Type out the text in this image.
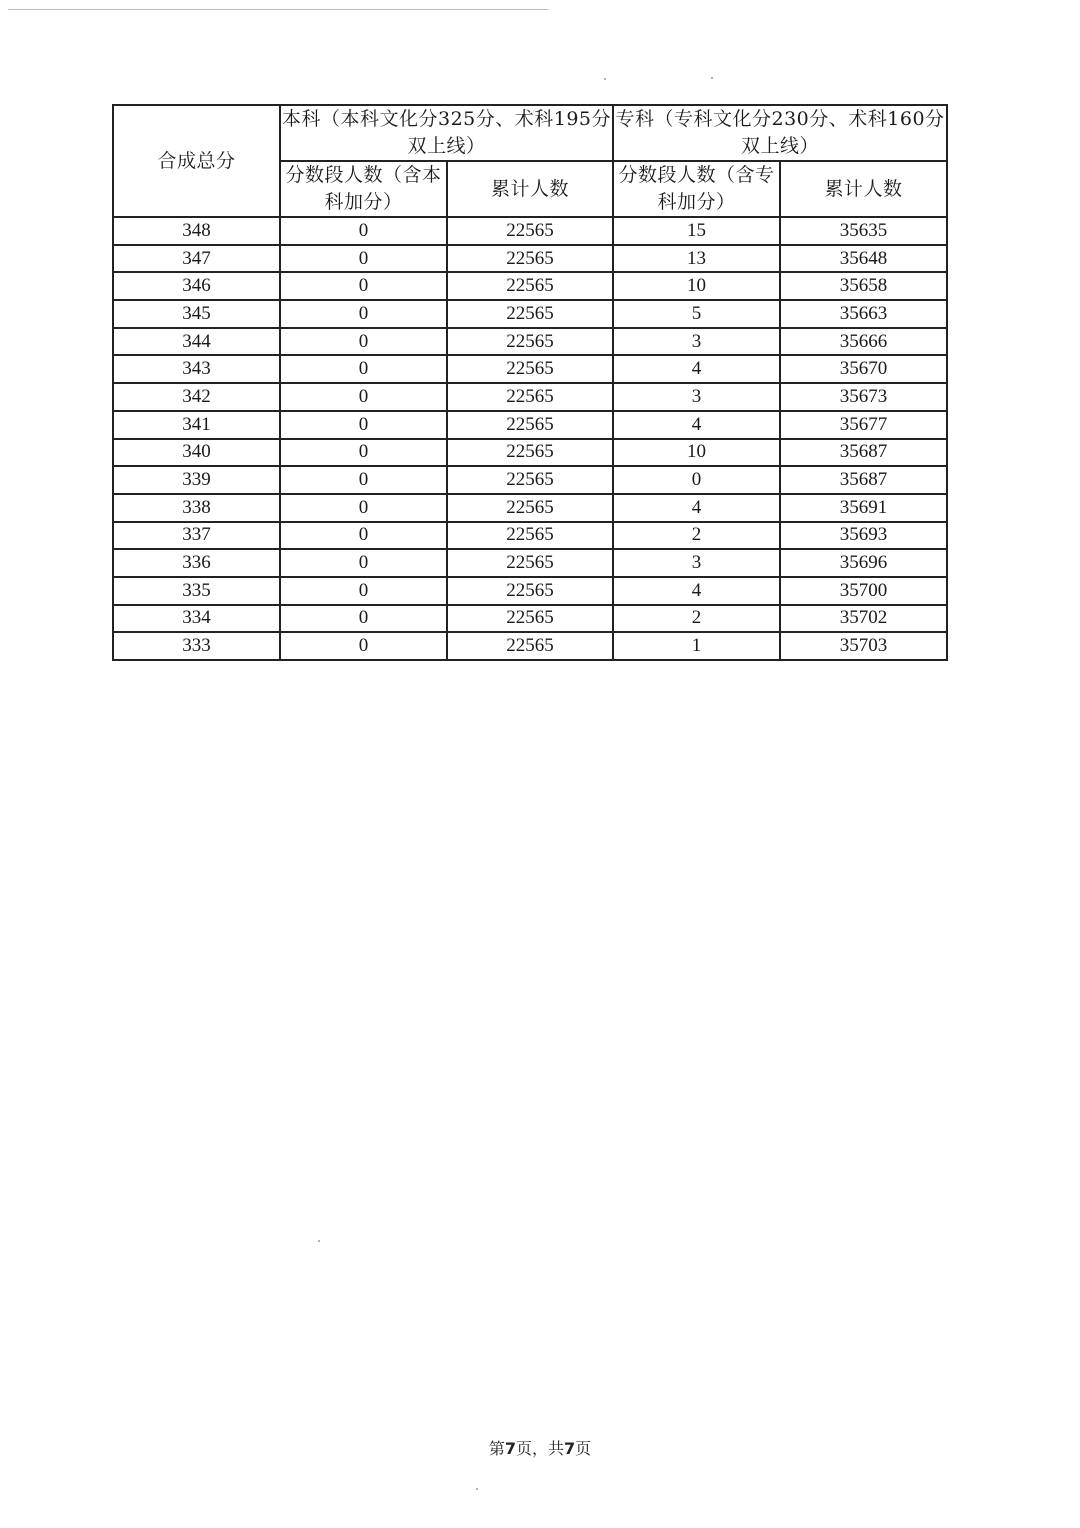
合成总分	本科（本科文化分325分、术科195分双上线）		专科（专科文化分230分、术科160分双上线）	
	分数段人数（含本科加分）	累计人数	分数段人数（含专科加分）	累计人数
348	0	22565	15	35635
347	0	22565	13	35648
346	0	22565	10	35658
345	0	22565	5	35663
344	0	22565	3	35666
343	0	22565	4	35670
342	0	22565	3	35673
341	0	22565	4	35677
340	0	22565	10	35687
339	0	22565	0	35687
338	0	22565	4	35691
337	0	22565	2	35693
336	0	22565	3	35696
335	0	22565	4	35700
334	0	22565	2	35702
333	0	22565	1	35703
第7页，共7页
